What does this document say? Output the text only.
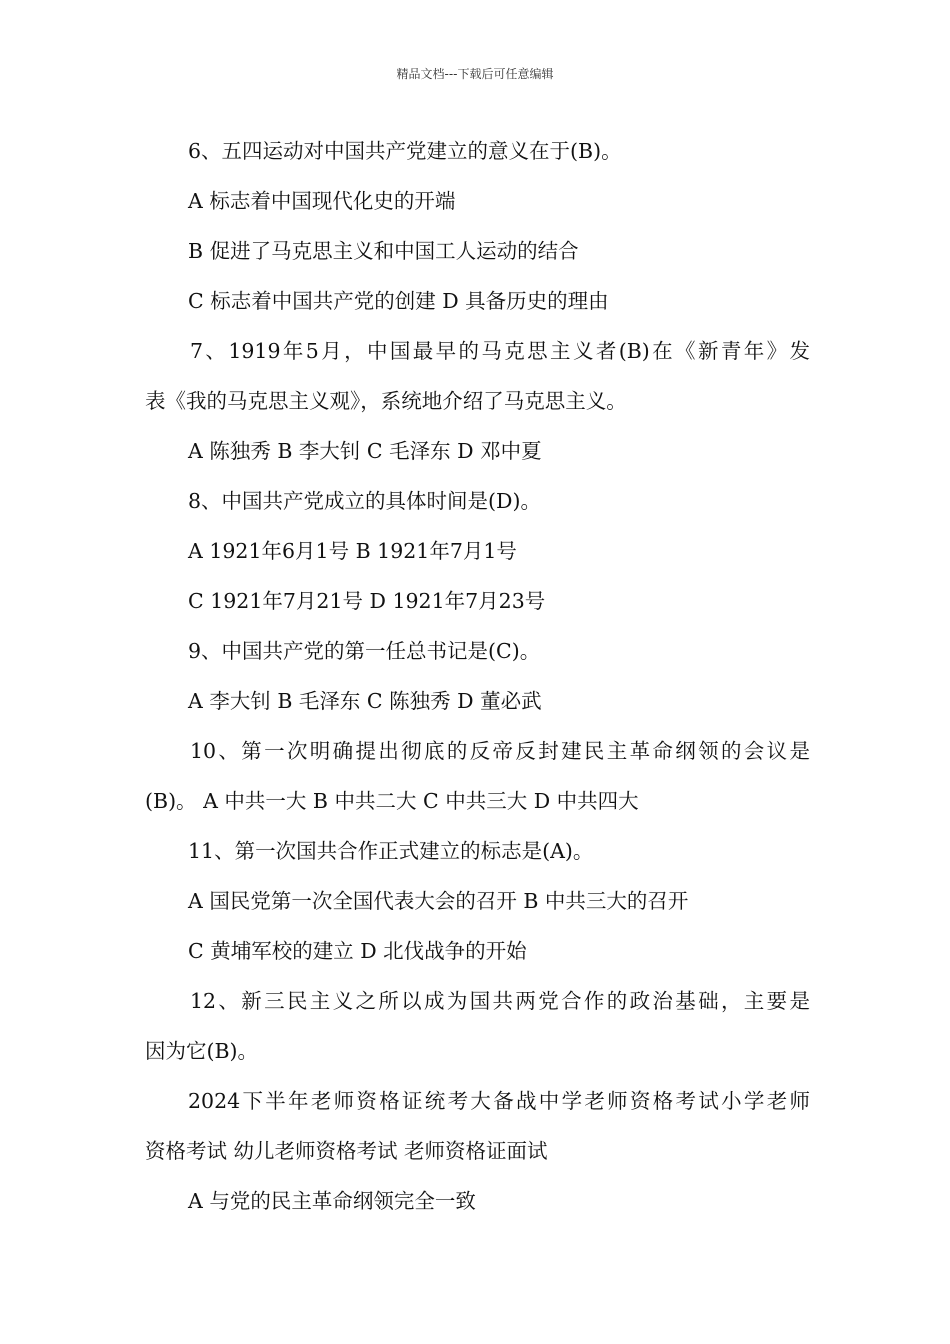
精品文档---下载后可任意编辑
6、五四运动对中国共产党建立的意义在于(B)。
A 标志着中国现代化史的开端
B 促进了马克思主义和中国工人运动的结合
C 标志着中国共产党的创建 D 具备历史的理由
7、1919年5月，中国最早的马克思主义者(B)在《新青年》发
表《我的马克思主义观》，系统地介绍了马克思主义。
A 陈独秀 B 李大钊 C 毛泽东 D 邓中夏
8、中国共产党成立的具体时间是(D)。
A 1921年6月1号 B 1921年7月1号
C 1921年7月21号 D 1921年7月23号
9、中国共产党的第一任总书记是(C)。
A 李大钊 B 毛泽东 C 陈独秀 D 董必武
10、第一次明确提出彻底的反帝反封建民主革命纲领的会议是
(B)。 A 中共一大 B 中共二大 C 中共三大 D 中共四大
11、第一次国共合作正式建立的标志是(A)。
A 国民党第一次全国代表大会的召开 B 中共三大的召开
C 黄埔军校的建立 D 北伐战争的开始
12、新三民主义之所以成为国共两党合作的政治基础，主要是
因为它(B)。
2024下半年老师资格证统考大备战中学老师资格考试小学老师
资格考试 幼儿老师资格考试 老师资格证面试
A 与党的民主革命纲领完全一致
